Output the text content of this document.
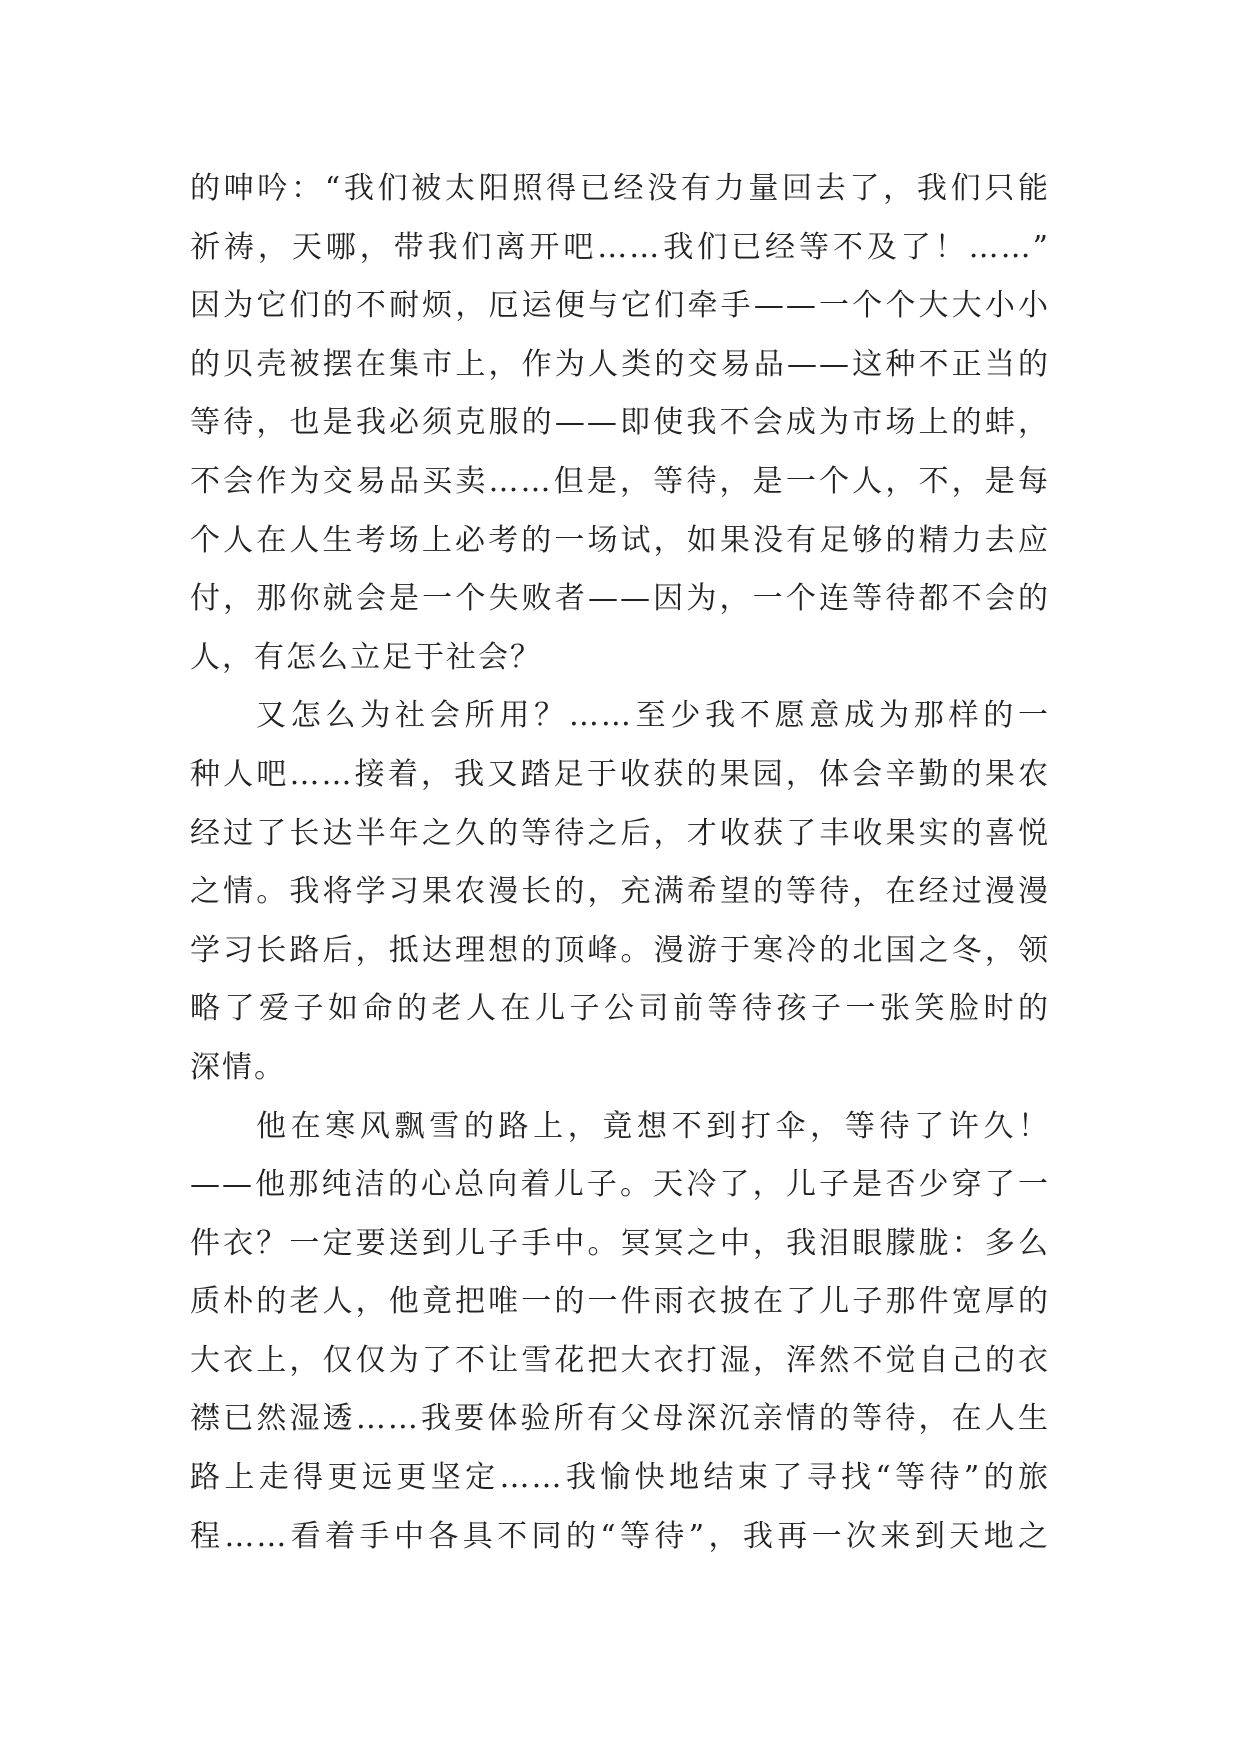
的呻吟：“我们被太阳照得已经没有力量回去了，我们只能
祈祷，天哪，带我们离开吧……我们已经等不及了！……”
因为它们的不耐烦，厄运便与它们牵手——一个个大大小小
的贝壳被摆在集市上，作为人类的交易品——这种不正当的
等待，也是我必须克服的——即使我不会成为市场上的蚌，
不会作为交易品买卖……但是，等待，是一个人，不，是每
个人在人生考场上必考的一场试，如果没有足够的精力去应
付，那你就会是一个失败者——因为，一个连等待都不会的
人，有怎么立足于社会？
又怎么为社会所用？……至少我不愿意成为那样的一
种人吧……接着，我又踏足于收获的果园，体会辛勤的果农
经过了长达半年之久的等待之后，才收获了丰收果实的喜悦
之情。我将学习果农漫长的，充满希望的等待，在经过漫漫
学习长路后，抵达理想的顶峰。漫游于寒冷的北国之冬，领
略了爱子如命的老人在儿子公司前等待孩子一张笑脸时的
深情。
他在寒风飘雪的路上，竟想不到打伞，等待了许久！
——他那纯洁的心总向着儿子。天冷了，儿子是否少穿了一
件衣？一定要送到儿子手中。冥冥之中，我泪眼朦胧：多么
质朴的老人，他竟把唯一的一件雨衣披在了儿子那件宽厚的
大衣上，仅仅为了不让雪花把大衣打湿，浑然不觉自己的衣
襟已然湿透……我要体验所有父母深沉亲情的等待，在人生
路上走得更远更坚定……我愉快地结束了寻找“等待”的旅
程……看着手中各具不同的“等待”，我再一次来到天地之
